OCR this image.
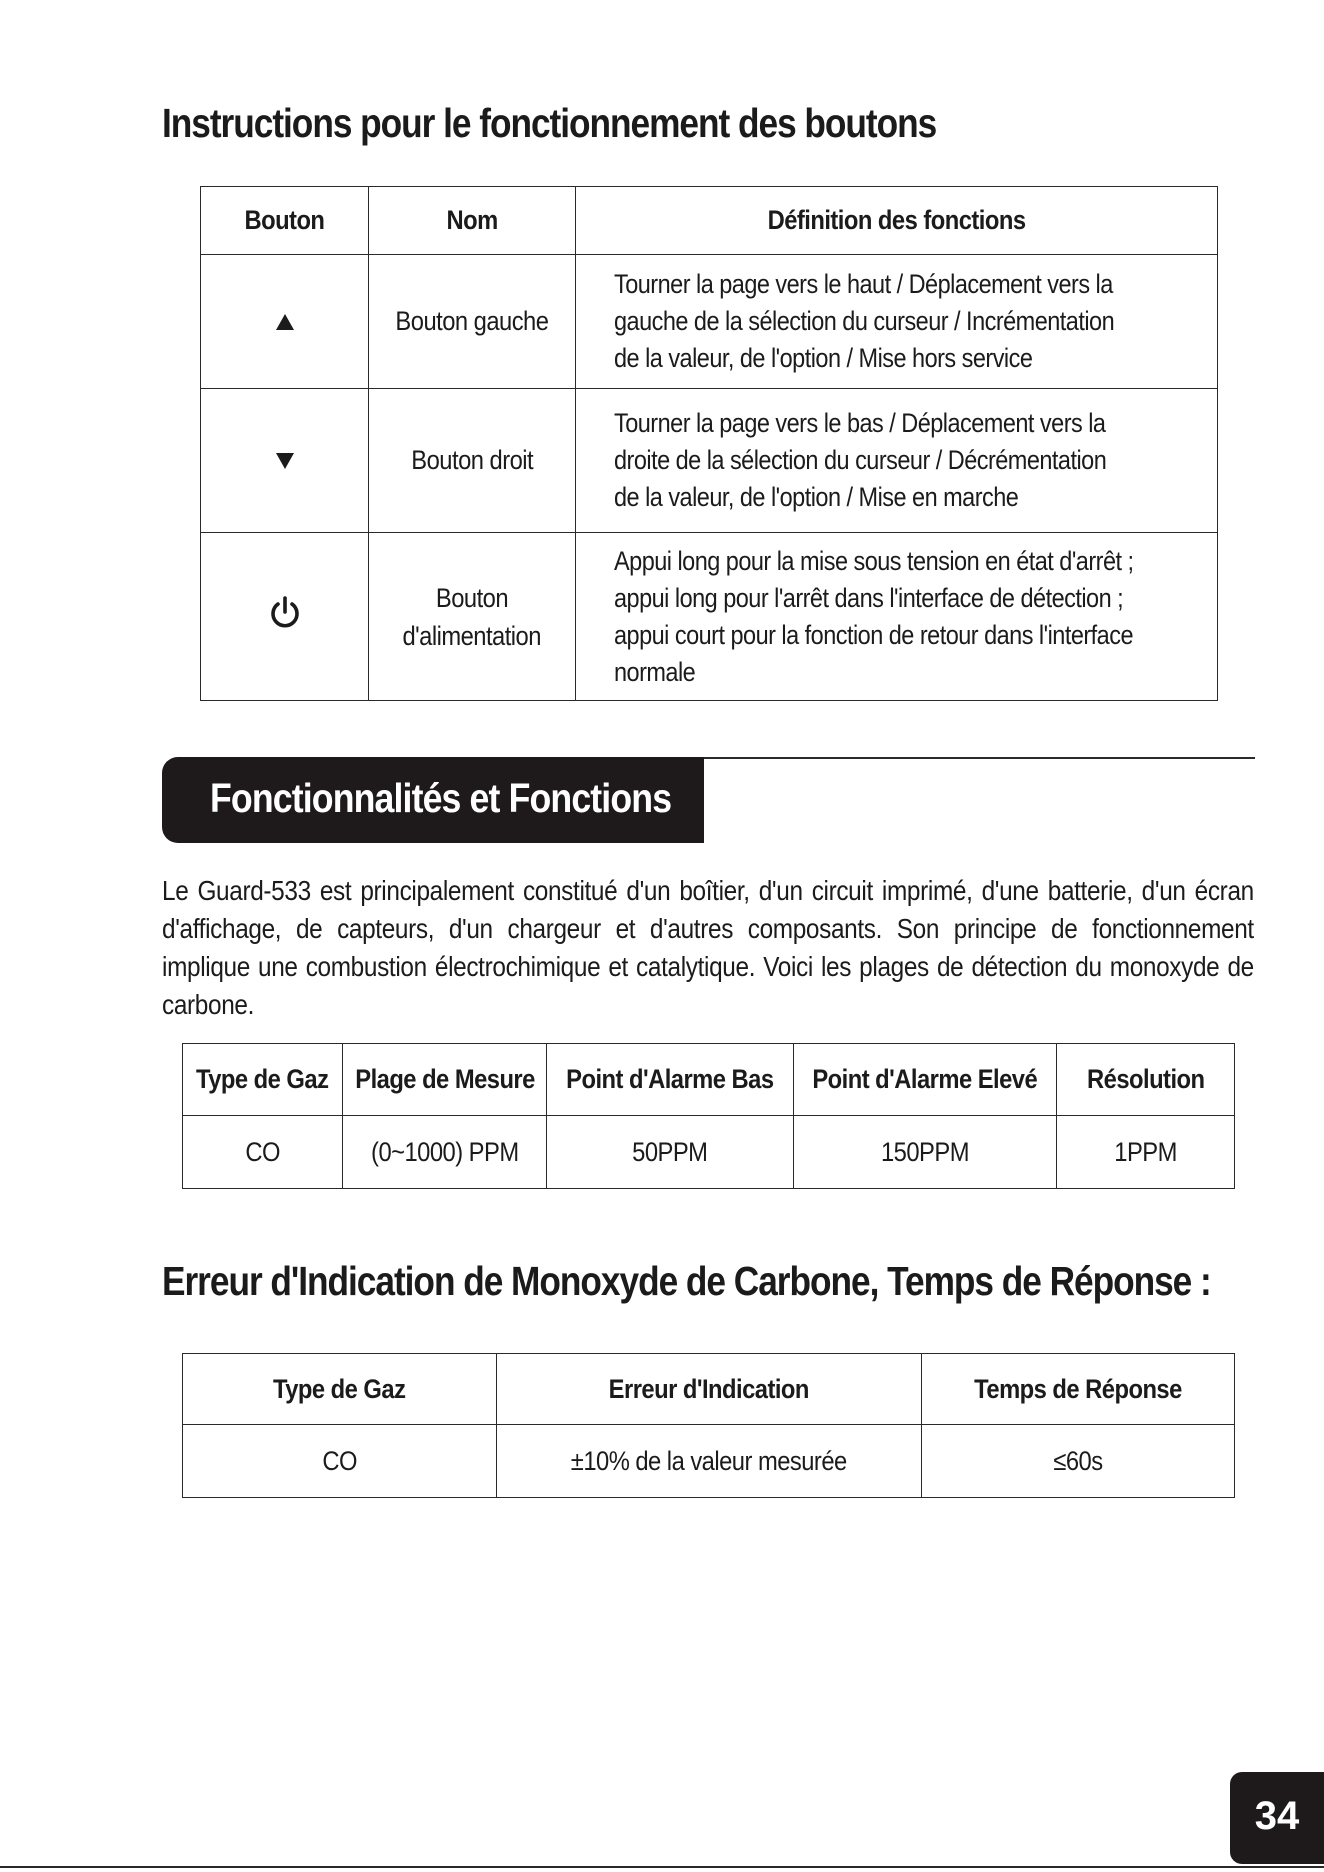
Instructions pour le fonctionnement des boutons
Bouton	Nom	Définition des fonctions
	Bouton gauche	Tourner la page vers le haut / Déplacement vers la
gauche de la sélection du curseur / Incrémentation
de la valeur, de l'option / Mise hors service
	Bouton droit	Tourner la page vers le bas / Déplacement vers la
droite de la sélection du curseur / Décrémentation
de la valeur, de l'option / Mise en marche
	Bouton
d'alimentation	Appui long pour la mise sous tension en état d'arrêt ;
appui long pour l'arrêt dans l'interface de détection ;
appui court pour la fonction de retour dans l'interface
normale
Fonctionnalités et Fonctions
Le Guard-533 est principalement constitué d'un boîtier, d'un circuit imprimé, d'une batterie, d'un écran d'affichage, de capteurs, d'un chargeur et d'autres composants. Son principe de fonctionnement implique une combustion électrochimique et catalytique. Voici les plages de détection du monoxyde de carbone.
Type de Gaz	Plage de Mesure	Point d'Alarme Bas	Point d'Alarme Elevé	Résolution
CO	(0~1000) PPM	50PPM	150PPM	1PPM
Erreur d'Indication de Monoxyde de Carbone, Temps de Réponse :
Type de Gaz	Erreur d'Indication	Temps de Réponse
CO	±10% de la valeur mesurée	≤60s
34
